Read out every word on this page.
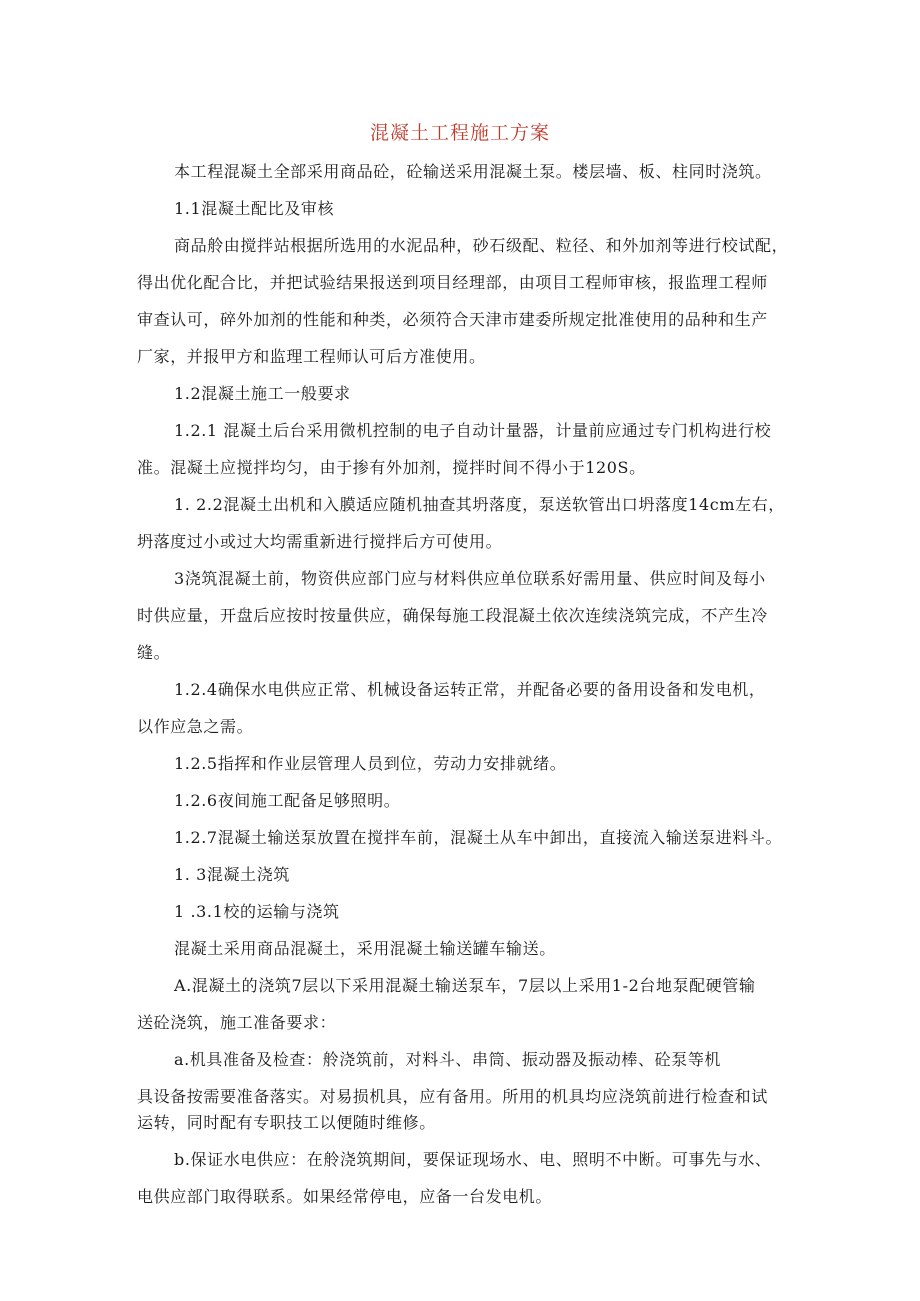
混凝土工程施工方案
本工程混凝土全部采用商品砼，砼输送采用混凝土泵。楼层墙、板、柱同时浇筑。
1.1混凝土配比及审核
商品舲由搅拌站根据所选用的水泥品种，砂石级配、粒径、和外加剂等进行校试配，
得出优化配合比，并把试验结果报送到项目经理部，由项目工程师审核，报监理工程师
审查认可，碎外加剂的性能和种类，必须符合天津市建委所规定批准使用的品种和生产
厂家，并报甲方和监理工程师认可后方准使用。
1.2混凝土施工一般要求
1.2.1 混凝土后台采用微机控制的电子自动计量器，计量前应通过专门机构进行校
准。混凝土应搅拌均匀，由于掺有外加剂，搅拌时间不得小于120S。
1. 2.2混凝土出机和入膜适应随机抽查其坍落度，泵送软管出口坍落度14cm左右，
坍落度过小或过大均需重新进行搅拌后方可使用。
3浇筑混凝土前，物资供应部门应与材料供应单位联系好需用量、供应时间及每小
时供应量，开盘后应按时按量供应，确保每施工段混凝土依次连续浇筑完成，不产生冷
缝。
1.2.4确保水电供应正常、机械设备运转正常，并配备必要的备用设备和发电机，
以作应急之需。
1.2.5指挥和作业层管理人员到位，劳动力安排就绪。
1.2.6夜间施工配备足够照明。
1.2.7混凝土输送泵放置在搅拌车前，混凝土从车中卸出，直接流入输送泵进料斗。
1. 3混凝土浇筑
1 .3.1校的运输与浇筑
混凝土采用商品混凝土，采用混凝土输送罐车输送。
A.混凝土的浇筑7层以下采用混凝土输送泵车，7层以上采用1-2台地泵配硬管输
送砼浇筑，施工准备要求：
a.机具准备及检查：舲浇筑前，对料斗、串筒、振动器及振动棒、砼泵等机
具设备按需要准备落实。对易损机具，应有备用。所用的机具均应浇筑前进行检查和试
运转，同时配有专职技工以便随时维修。
b.保证水电供应：在舲浇筑期间，要保证现场水、电、照明不中断。可事先与水、
电供应部门取得联系。如果经常停电，应备一台发电机。
